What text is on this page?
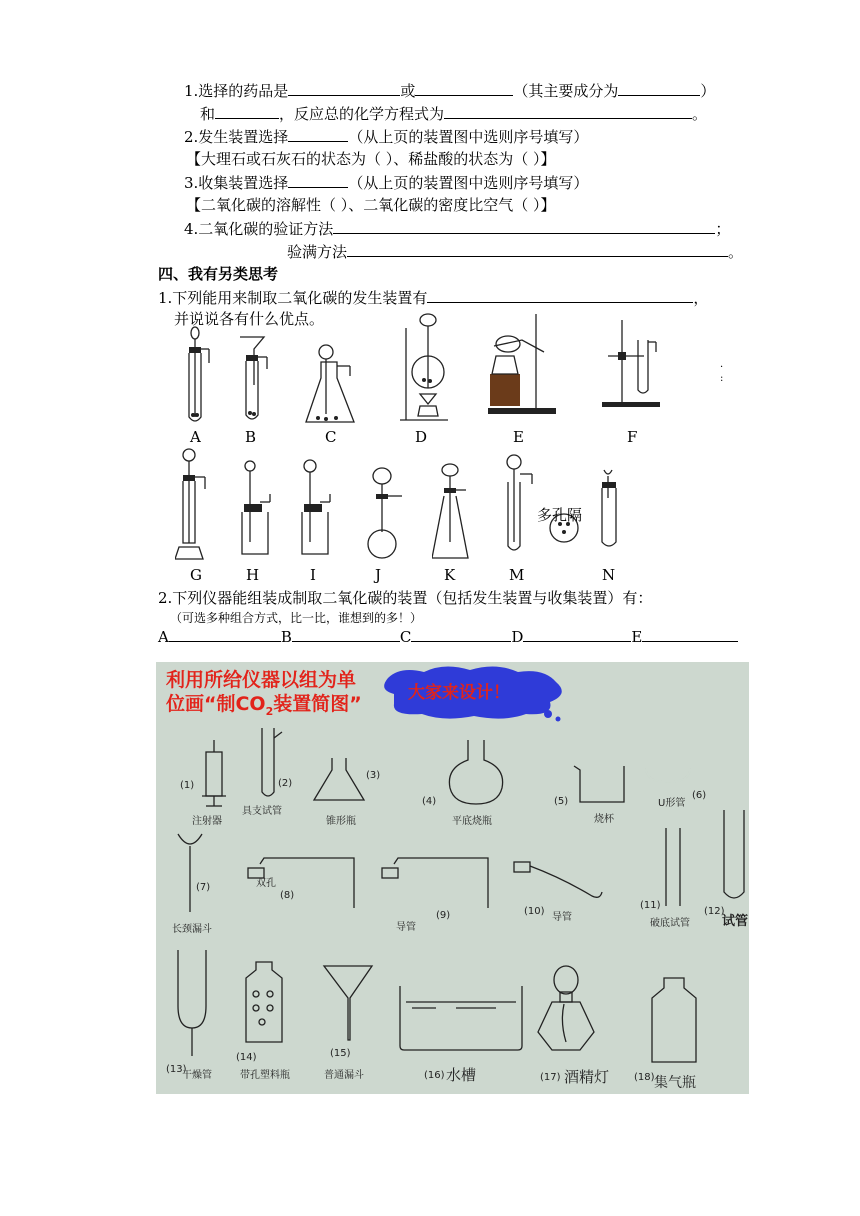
1.选择的药品是	或	（其主要成分为	）
和	，反应总的化学方程式为	。
2.发生装置选择	（从上页的装置图中选则序号填写）
【大理石或石灰石的状态为（ ）、稀盐酸的状态为（ ）】
3.收集装置选择	（从上页的装置图中选则序号填写）
【二氧化碳的溶解性（ ）、二氧化碳的密度比空气（ ）】
4.二氧化碳的验证方法	；
验满方法	。
四、我有另类思考
1.下列能用来制取二氧化碳的发生装置有	，
并说说各有什么优点。
·
:
A	B	C	D	E	F
多孔隔
G	H	I	J	K	M	N
2.下列仪器能组装成制取二氧化碳的装置（包括发生装置与收集装置）有：
（可选多种组合方式，比一比，谁想到的多！）
A	B	C	D	E
利用所给仪器以组为单
位画“制$CO_2$装置简图”	大家来设计！
(1)
注射器
(2)
具支试管
(3)
锥形瓶
(4)
平底烧瓶
(5)
烧杯
(6)
U形管
(7)
长颈漏斗
(8)
双孔
(9)
导管
(10)
导管
(11)
破底试管
(12)
试管
(13)
干燥管
(14)
带孔塑料瓶
(15)
普通漏斗	(16) 水槽	(17) 酒精灯 (18) 集气瓶
